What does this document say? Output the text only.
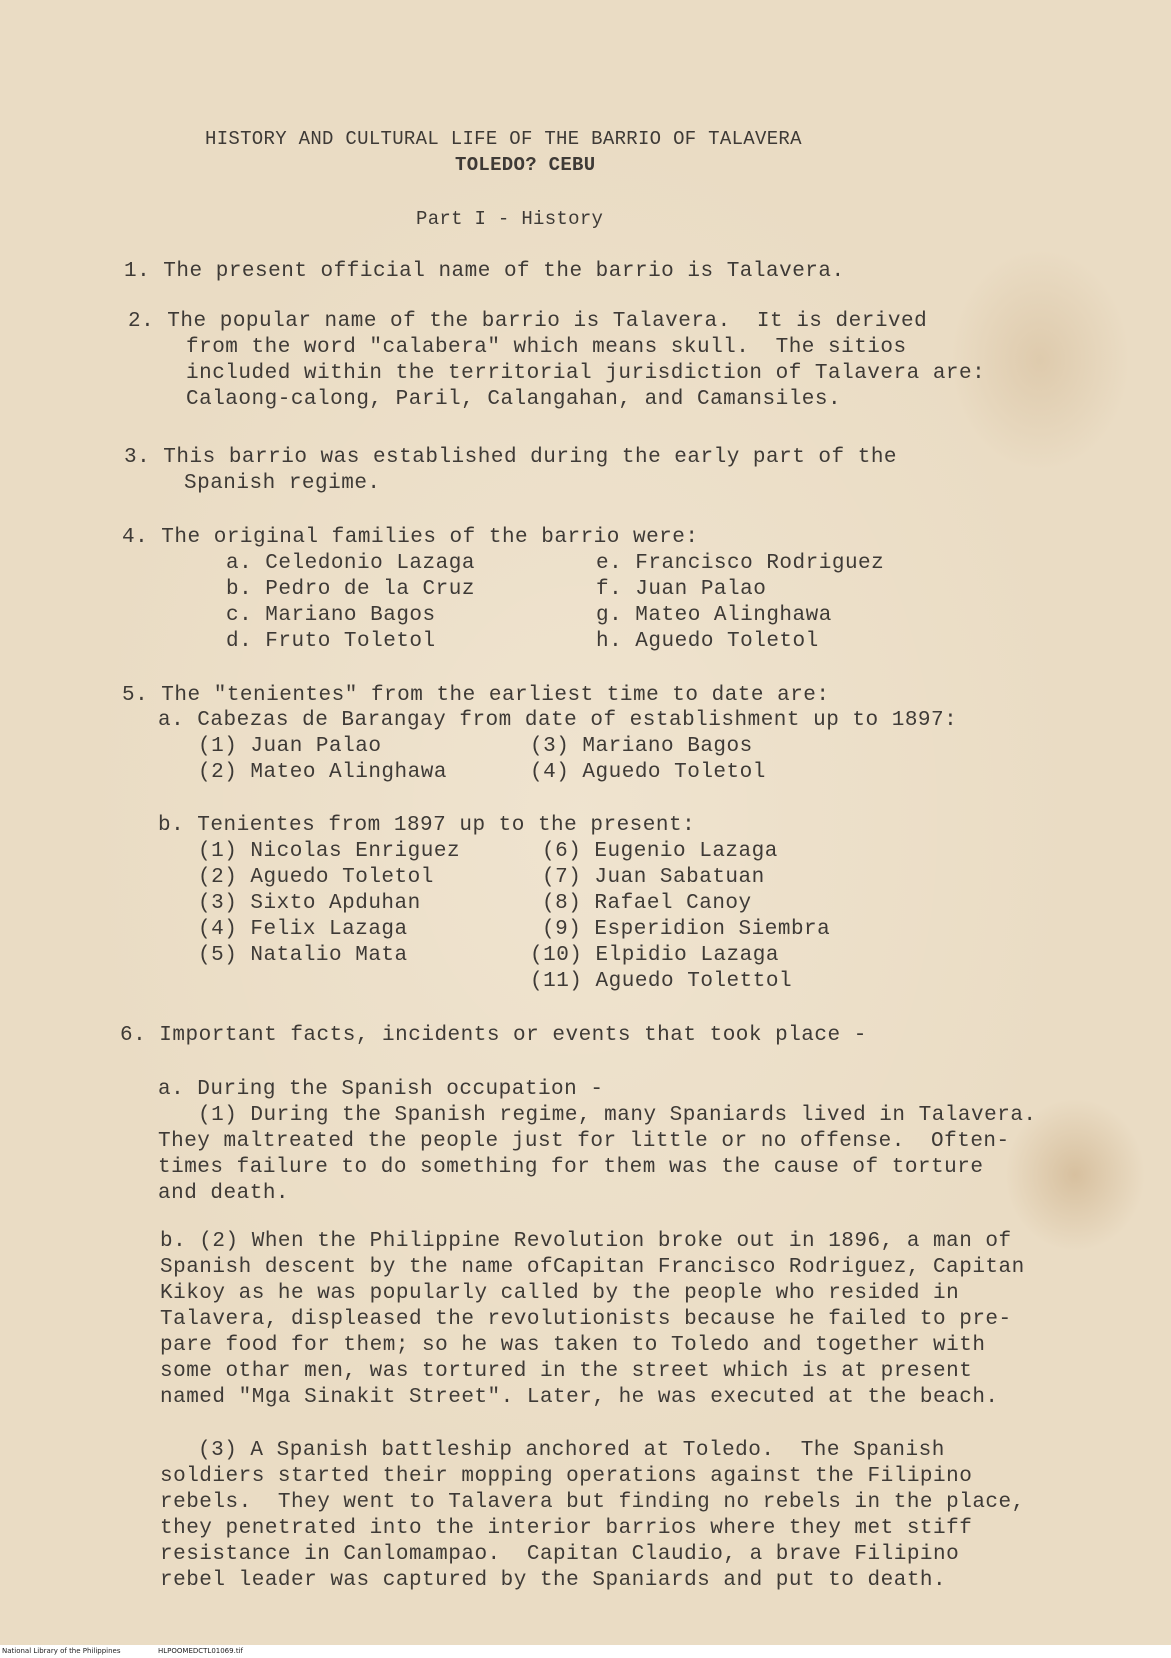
HISTORY AND CULTURAL LIFE OF THE BARRIO OF TALAVERA
TOLEDO? CEBU
Part I - History
1. The present official name of the barrio is Talavera.
2. The popular name of the barrio is Talavera.  It is derived
from the word "calabera" which means skull.  The sitios
included within the territorial jurisdiction of Talavera are:
Calaong-calong, Paril, Calangahan, and Camansiles.
3. This barrio was established during the early part of the
Spanish regime.
4. The original families of the barrio were:
a. Celedonio Lazaga
b. Pedro de la Cruz
c. Mariano Bagos
d. Fruto Toletol
e. Francisco Rodriguez
f. Juan Palao
g. Mateo Alinghawa
h. Aguedo Toletol
5. The "tenientes" from the earliest time to date are:
a. Cabezas de Barangay from date of establishment up to 1897:
(1) Juan Palao
(2) Mateo Alinghawa
(3) Mariano Bagos
(4) Aguedo Toletol
b. Tenientes from 1897 up to the present:
(1) Nicolas Enriguez
(2) Aguedo Toletol
(3) Sixto Apduhan
(4) Felix Lazaga
(5) Natalio Mata
(6) Eugenio Lazaga
(7) Juan Sabatuan
(8) Rafael Canoy
(9) Esperidion Siembra
(10) Elpidio Lazaga
(11) Aguedo Tolettol
6. Important facts, incidents or events that took place -
a. During the Spanish occupation -
(1) During the Spanish regime, many Spaniards lived in Talavera.
They maltreated the people just for little or no offense.  Often-
times failure to do something for them was the cause of torture
and death.
b. (2) When the Philippine Revolution broke out in 1896, a man of
Spanish descent by the name ofCapitan Francisco Rodriguez, Capitan
Kikoy as he was popularly called by the people who resided in
Talavera, displeased the revolutionists because he failed to pre-
pare food for them; so he was taken to Toledo and together with
some othar men, was tortured in the street which is at present
named "Mga Sinakit Street". Later, he was executed at the beach.
(3) A Spanish battleship anchored at Toledo.  The Spanish
soldiers started their mopping operations against the Filipino
rebels.  They went to Talavera but finding no rebels in the place,
they penetrated into the interior barrios where they met stiff
resistance in Canlomampao.  Capitan Claudio, a brave Filipino
rebel leader was captured by the Spaniards and put to death.
National Library of the Philippines	HLPOOMEDCTL01069.tif
